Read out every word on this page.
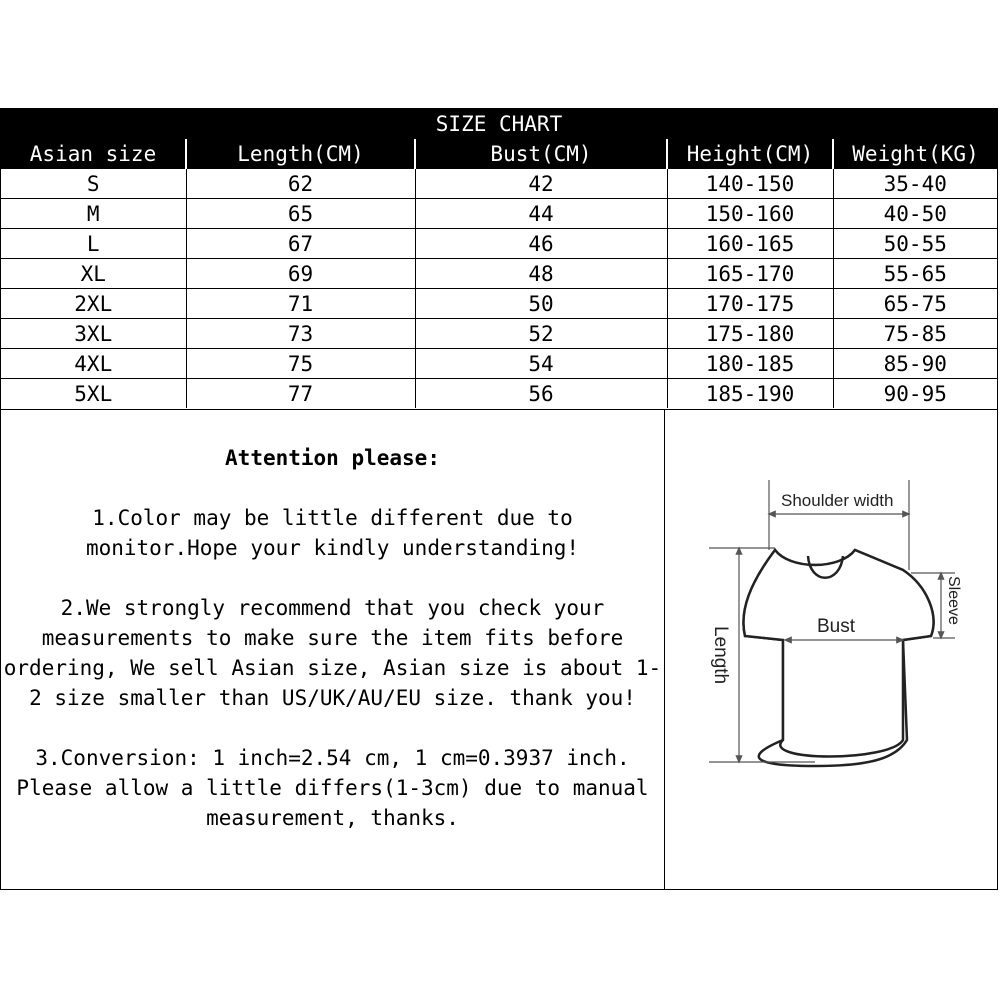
SIZE CHART
Asian size	Length(CM)	Bust(CM)	Height(CM)	Weight(KG)
S	62	42	140-150	35-40
M	65	44	150-160	40-50
L	67	46	160-165	50-55
XL	69	48	165-170	55-65
2XL	71	50	170-175	65-75
3XL	73	52	175-180	75-85
4XL	75	54	180-185	85-90
5XL	77	56	185-190	90-95
Attention please:

1.Color may be little different due to monitor.Hope your kindly understanding!

2.We strongly recommend that you check your measurements to make sure the item fits before ordering, We sell Asian size, Asian size is about 1-2 size smaller than US/UK/AU/EU size. thank you!

3.Conversion: 1 inch=2.54 cm, 1 cm=0.3937 inch. Please allow a little differs(1-3cm) due to manual measurement, thanks.

Shoulder width
Bust
Length
Sleeve
